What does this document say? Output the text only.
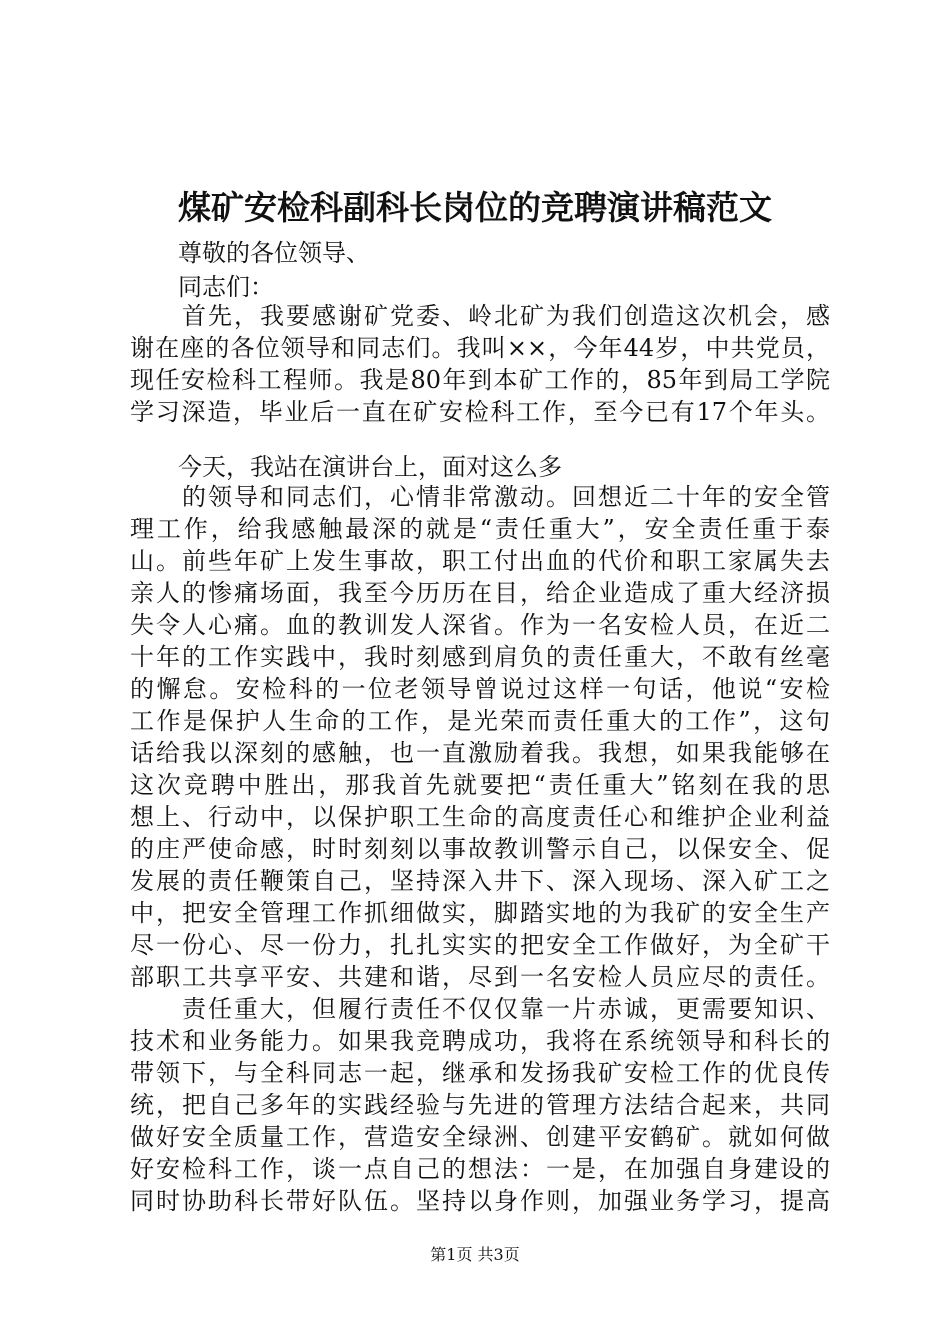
煤矿安检科副科长岗位的竞聘演讲稿范文
　　尊敬的各位领导、
　　同志们：
　　首先，我要感谢矿党委、岭北矿为我们创造这次机会，感
谢在座的各位领导和同志们。我叫××，今年44岁，中共党员，
现任安检科工程师。我是80年到本矿工作的，85年到局工学院
学习深造，毕业后一直在矿安检科工作，至今已有17个年头。
　　今天，我站在演讲台上，面对这么多
　　的领导和同志们，心情非常激动。回想近二十年的安全管
理工作，给我感触最深的就是“责任重大”，安全责任重于泰
山。前些年矿上发生事故，职工付出血的代价和职工家属失去
亲人的惨痛场面，我至今历历在目，给企业造成了重大经济损
失令人心痛。血的教训发人深省。作为一名安检人员，在近二
十年的工作实践中，我时刻感到肩负的责任重大，不敢有丝毫
的懈怠。安检科的一位老领导曾说过这样一句话，他说“安检
工作是保护人生命的工作，是光荣而责任重大的工作”，这句
话给我以深刻的感触，也一直激励着我。我想，如果我能够在
这次竞聘中胜出，那我首先就要把“责任重大”铭刻在我的思
想上、行动中，以保护职工生命的高度责任心和维护企业利益
的庄严使命感，时时刻刻以事故教训警示自己，以保安全、促
发展的责任鞭策自己，坚持深入井下、深入现场、深入矿工之
中，把安全管理工作抓细做实，脚踏实地的为我矿的安全生产
尽一份心、尽一份力，扎扎实实的把安全工作做好，为全矿干
部职工共享平安、共建和谐，尽到一名安检人员应尽的责任。
　　责任重大，但履行责任不仅仅靠一片赤诚，更需要知识、
技术和业务能力。如果我竞聘成功，我将在系统领导和科长的
带领下，与全科同志一起，继承和发扬我矿安检工作的优良传
统，把自己多年的实践经验与先进的管理方法结合起来，共同
做好安全质量工作，营造安全绿洲、创建平安鹤矿。就如何做
好安检科工作，谈一点自己的想法：一是，在加强自身建设的
同时协助科长带好队伍。坚持以身作则，加强业务学习，提高
第1页 共3页
